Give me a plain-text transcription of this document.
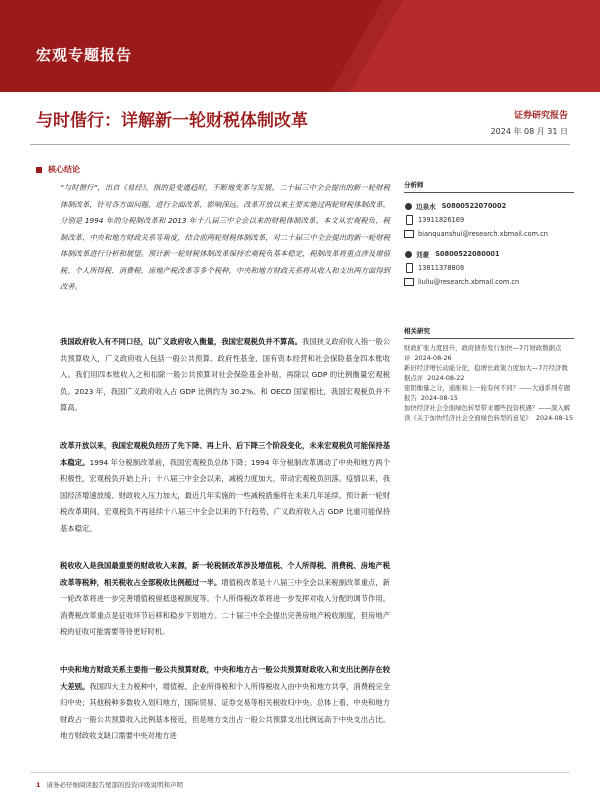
宏观专题报告
与时偕行：详解新一轮财税体制改革	证券研究报告
2024 年 08 月 31 日
核心结论

“与时偕行”，出自《易经》，指的是变通趋时，不断地变革与发展。二十届三中全会提出的新一轮财税体制改革，针对各方面问题，进行全面改革，影响深远。改革开放以来主要实施过两轮财税体制改革，分别是 1994 年的分税制改革和 2013 年十八届三中全会以来的财税体制改革。本文从宏观税负、税制改革、中央和地方财政关系等角度，结合前两轮财税体制改革，对二十届三中全会提出的新一轮财税体制改革进行分析和展望。预计新一轮财税体制改革保持宏观税负基本稳定，税制改革将重点涉及增值税、个人所得税、消费税、房地产税改革等多个税种，中央和地方财政关系将从收入和支出两方面得到改善。

我国政府收入有不同口径，以广义政府收入衡量，我国宏观税负并不算高。我国狭义政府收入指一般公共预算收入，广义政府收入包括一般公共预算、政府性基金、国有资本经营和社会保险基金四本账收入。我们用四本账收入之和扣除一般公共预算对社会保险基金补贴，再除以 GDP 的比例衡量宏观税负。2023 年，我国广义政府收入占 GDP 比例约为 30.2%。和 OECD 国家相比，我国宏观税负并不算高。

改革开放以来，我国宏观税负经历了先下降、再上升、后下降三个阶段变化，未来宏观税负可能保持基本稳定。1994 年分税制改革前，我国宏观税负总体下降；1994 年分税制改革调动了中央和地方两个积极性，宏观税负开始上升；十八届三中全会以来，减税力度加大，带动宏观税负回落。疫情以来，我国经济增速放缓、财政收入压力加大，最近几年实施的一些减税措施将在未来几年延续。预计新一轮财税改革期间，宏观税负不再延续十八届三中全会以来的下行趋势，广义政府收入占 GDP 比重可能保持基本稳定。

税收收入是我国最重要的财政收入来源，新一轮税制改革涉及增值税、个人所得税、消费税、房地产税改革等税种，相关税收占全部税收比例超过一半。增值税改革是十八届三中全会以来税制改革重点，新一轮改革将进一步完善增值税留抵退税制度等。个人所得税改革将进一步发挥对收入分配的调节作用。消费税改革重点是征收环节后移和稳步下划地方。二十届三中全会提出完善房地产税收制度，但房地产税的征收可能需要等待更好时机。

中央和地方财政关系主要指一般公共预算财政，中央和地方占一般公共预算财政收入和支出比例存在较大差别。我国四大主力税种中，增值税、企业所得税和个人所得税收入由中央和地方共享，消费税完全归中央；其他税种多数收入划归地方，国际贸易、证券交易等相关税收归中央。总体上看，中央和地方财政占一般公共预算收入比例基本接近，但是地方支出占一般公共预算支出比例远高于中央支出占比。地方财政收支缺口需要中央对地方进

分析师
边泉水 S0800522070002
13911826169
bianquanshui@research.xbmail.com.cn
刘豪 S0800522080001
13811378808
liuliu@research.xbmail.com.cn
相关研究
财政扩张力度回升，政府债券发行加快—7月财政数据点评 2024-08-26
新旧经济增长动能分化，稳增长政策力度加大—7月经济数据点评 2024-08-22
密钥衡量之分，通胀和上一轮有何不同？——大通系列专题报告 2024-08-15
加快经济社会全面绿色转型带来哪些投资机遇？——深入解读《关于加快经济社会全面绿色转型的意见》 2024-08-15
1 请务必仔细阅读报告尾部的投资评级说明和声明
